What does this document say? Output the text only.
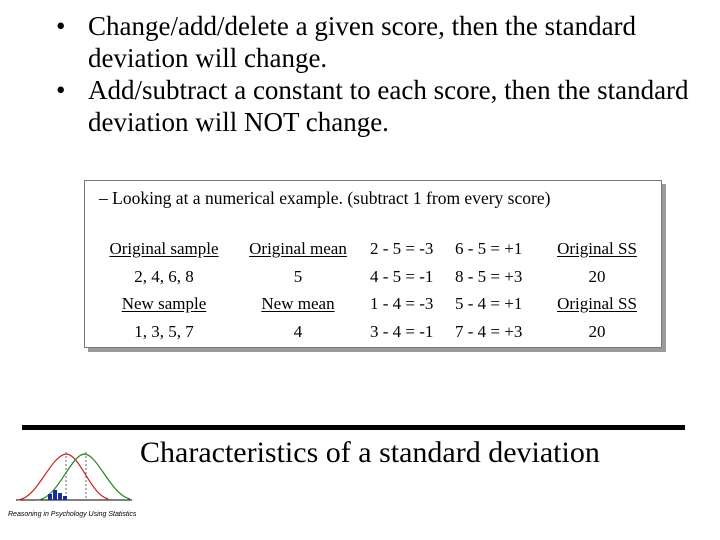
• Change/add/delete a given score, then the standard deviation will change.
• Add/subtract a constant to each score, then the standard deviation will NOT change.
– Looking at a numerical example. (subtract 1 from every score)
Original sample
2, 4, 6, 8
New sample
1, 3, 5, 7
Original mean
5
New mean
4
2 - 5 = -3
4 - 5 = -1
1 - 4 = -3
3 - 4 = -1
6 - 5 = +1
8 - 5 = +3
5 - 4 = +1
7 - 4 = +3
Original SS
20
Original SS
20
Reasoning in Psychology Using Statistics
Characteristics of a standard deviation
